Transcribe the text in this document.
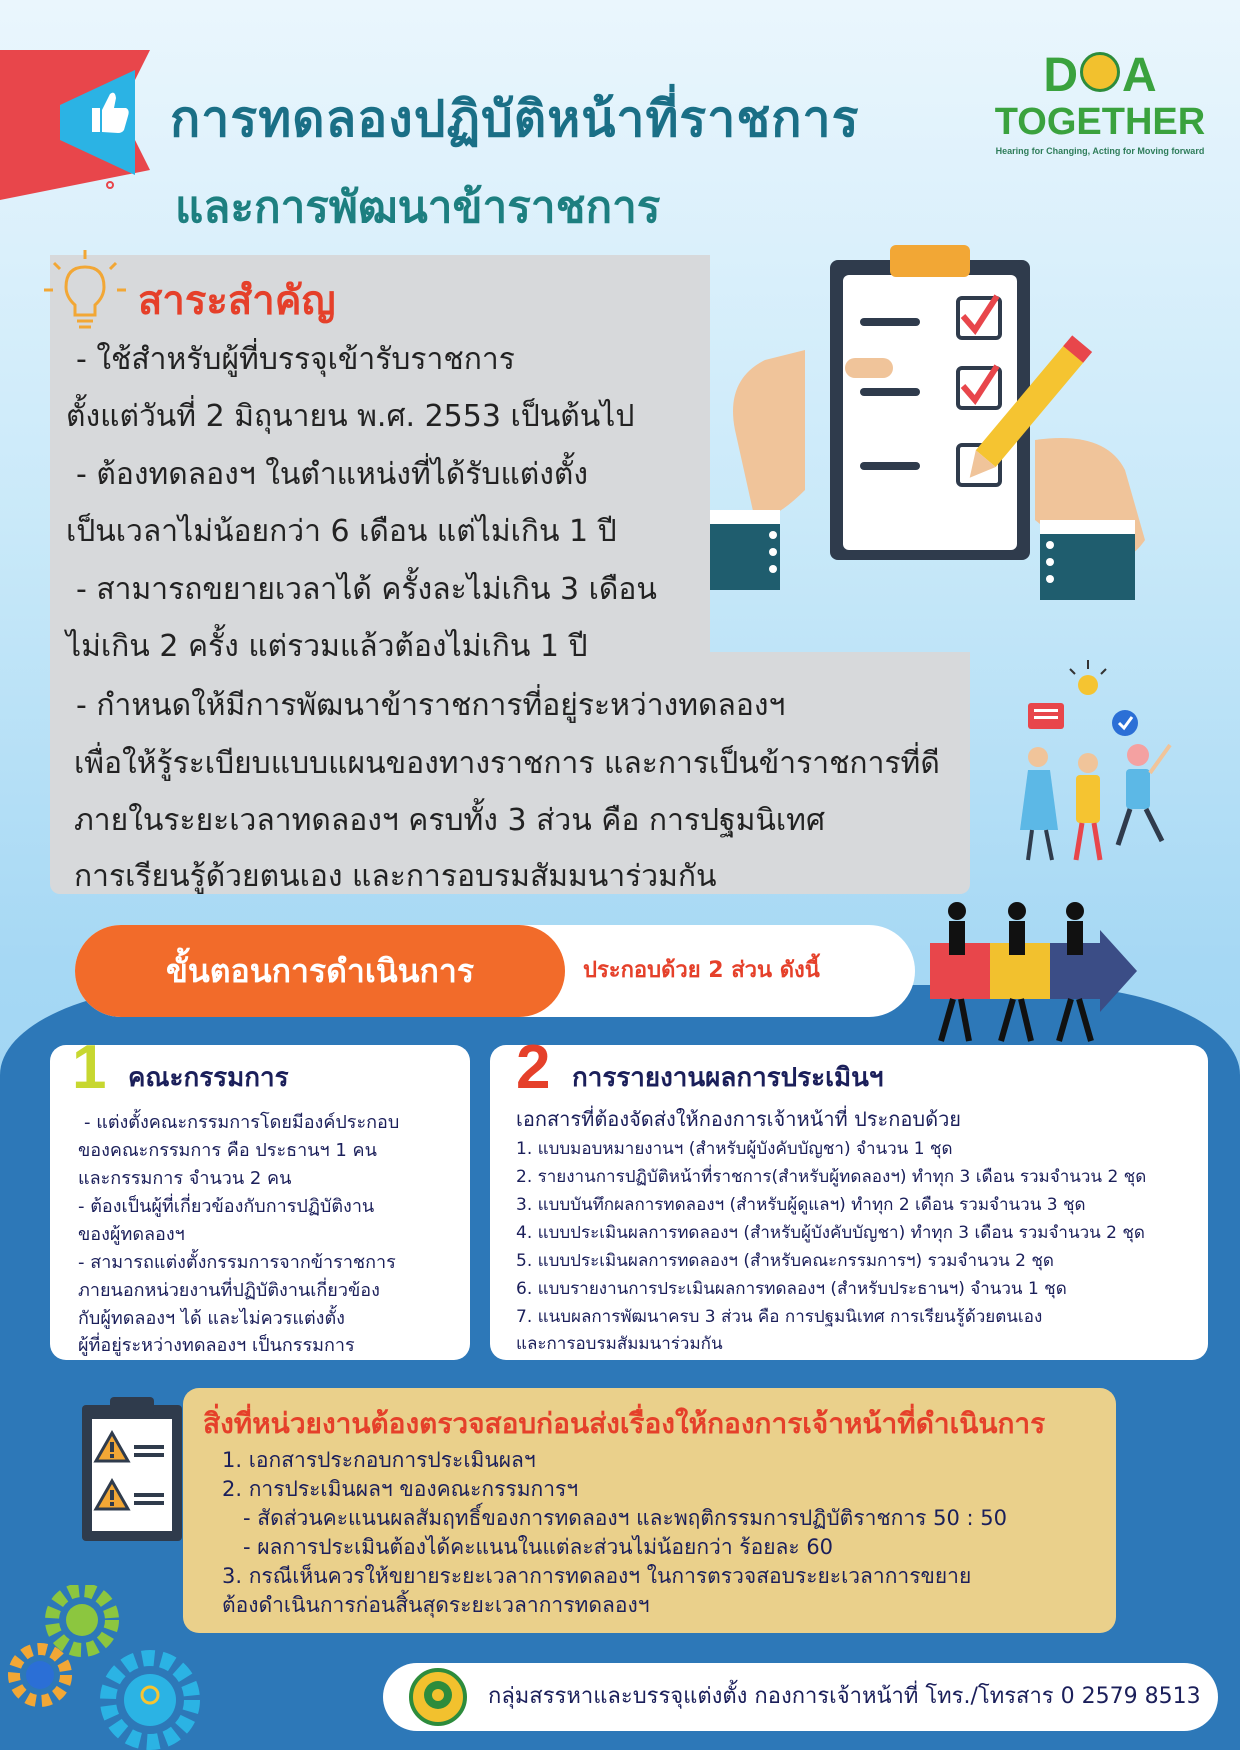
การทดลองปฏิบัติหน้าที่ราชการ
และการพัฒนาข้าราชการ
D A
TOGETHER
Hearing for Changing, Acting for Moving forward
สาระสำคัญ
- ใช้สำหรับผู้ที่บรรจุเข้ารับราชการ
ตั้งแต่วันที่ 2 มิถุนายน พ.ศ. 2553 เป็นต้นไป
- ต้องทดลองฯ ในตำแหน่งที่ได้รับแต่งตั้ง
เป็นเวลาไม่น้อยกว่า 6 เดือน แต่ไม่เกิน 1 ปี
- สามารถขยายเวลาได้ ครั้งละไม่เกิน 3 เดือน
ไม่เกิน 2 ครั้ง แต่รวมแล้วต้องไม่เกิน 1 ปี
- กำหนดให้มีการพัฒนาข้าราชการที่อยู่ระหว่างทดลองฯ
เพื่อให้รู้ระเบียบแบบแผนของทางราชการ และการเป็นข้าราชการที่ดี
ภายในระยะเวลาทดลองฯ ครบทั้ง 3 ส่วน คือ การปฐมนิเทศ
การเรียนรู้ด้วยตนเอง และการอบรมสัมมนาร่วมกัน
ขั้นตอนการดำเนินการ	ประกอบด้วย 2 ส่วน ดังนี้
1 คณะกรรมการ
- แต่งตั้งคณะกรรมการโดยมีองค์ประกอบ
ของคณะกรรมการ คือ ประธานฯ 1 คน
และกรรมการ จำนวน 2 คน
- ต้องเป็นผู้ที่เกี่ยวข้องกับการปฏิบัติงาน
ของผู้ทดลองฯ
- สามารถแต่งตั้งกรรมการจากข้าราชการ
ภายนอกหน่วยงานที่ปฏิบัติงานเกี่ยวข้อง
กับผู้ทดลองฯ ได้ และไม่ควรแต่งตั้ง
ผู้ที่อยู่ระหว่างทดลองฯ เป็นกรรมการ
2 การรายงานผลการประเมินฯ
เอกสารที่ต้องจัดส่งให้กองการเจ้าหน้าที่ ประกอบด้วย
1. แบบมอบหมายงานฯ (สำหรับผู้บังคับบัญชา) จำนวน 1 ชุด
2. รายงานการปฏิบัติหน้าที่ราชการ(สำหรับผู้ทดลองฯ) ทำทุก 3 เดือน รวมจำนวน 2 ชุด
3. แบบบันทึกผลการทดลองฯ (สำหรับผู้ดูแลฯ) ทำทุก 2 เดือน รวมจำนวน 3 ชุด
4. แบบประเมินผลการทดลองฯ (สำหรับผู้บังคับบัญชา) ทำทุก 3 เดือน รวมจำนวน 2 ชุด
5. แบบประเมินผลการทดลองฯ (สำหรับคณะกรรมการฯ) รวมจำนวน 2 ชุด
6. แบบรายงานการประเมินผลการทดลองฯ (สำหรับประธานฯ) จำนวน 1 ชุด
7. แนบผลการพัฒนาครบ 3 ส่วน คือ การปฐมนิเทศ การเรียนรู้ด้วยตนเอง
และการอบรมสัมมนาร่วมกัน
สิ่งที่หน่วยงานต้องตรวจสอบก่อนส่งเรื่องให้กองการเจ้าหน้าที่ดำเนินการ
1. เอกสารประกอบการประเมินผลฯ
2. การประเมินผลฯ ของคณะกรรมการฯ
- สัดส่วนคะแนนผลสัมฤทธิ์ของการทดลองฯ และพฤติกรรมการปฏิบัติราชการ 50 : 50
- ผลการประเมินต้องได้คะแนนในแต่ละส่วนไม่น้อยกว่า ร้อยละ 60
3. กรณีเห็นควรให้ขยายระยะเวลาการทดลองฯ ในการตรวจสอบระยะเวลาการขยาย
ต้องดำเนินการก่อนสิ้นสุดระยะเวลาการทดลองฯ
กลุ่มสรรหาและบรรจุแต่งตั้ง กองการเจ้าหน้าที่ โทร./โทรสาร 0 2579 8513
